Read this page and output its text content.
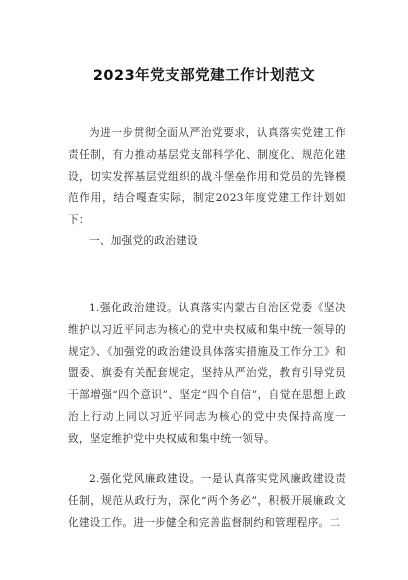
2023年党支部党建工作计划范文

为进一步贯彻全面从严治党要求，认真落实党建工作责任制，有力推动基层党支部科学化、制度化、规范化建设，切实发挥基层党组织的战斗堡垒作用和党员的先锋模范作用，结合嘎查实际，制定2023年度党建工作计划如下：

一、加强党的政治建设

1.强化政治建设。认真落实内蒙古自治区党委《坚决维护以习近平同志为核心的党中央权威和集中统一领导的规定》、《加强党的政治建设具体落实措施及工作分工》和盟委、旗委有关配套规定，坚持从严治党，教育引导党员干部增强“四个意识”、坚定“四个自信”，自觉在思想上政治上行动上同以习近平同志为核心的党中央保持高度一致，坚定维护党中央权威和集中统一领导。

2.强化党风廉政建设。一是认真落实党风廉政建设责任制，规范从政行为，深化“两个务必”，积极开展廉政文化建设工作。进一步健全和完善监督制约和管理程序。二
